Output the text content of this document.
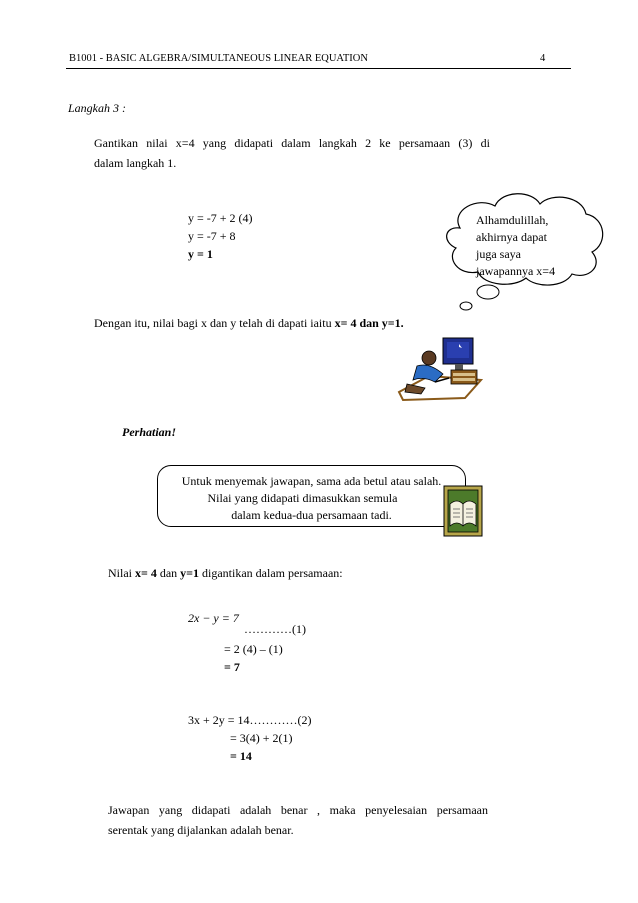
B1001 - BASIC ALGEBRA/SIMULTANEOUS LINEAR EQUATION	4
Langkah 3 :
Gantikan nilai x=4 yang didapati dalam langkah 2 ke persamaan (3) di
dalam langkah 1.
y = -7 + 2 (4)
y = -7 + 8
y = 1
Alhamdulillah,
akhirnya dapat
juga saya
jawapannya x=4
Dengan itu, nilai bagi x dan y telah di dapati iaitu x= 4 dan y=1.
Perhatian!
Untuk menyemak jawapan, sama ada betul atau salah.
Nilai yang didapati dimasukkan semula
dalam kedua-dua persamaan tadi.
Nilai x= 4 dan y=1 digantikan dalam persamaan:
2x − y = 7
…………(1)
= 2 (4) – (1)
= 7
3x + 2y = 14…………(2)
= 3(4) + 2(1)
= 14
Jawapan yang didapati adalah benar , maka penyelesaian persamaan
serentak yang dijalankan adalah benar.
